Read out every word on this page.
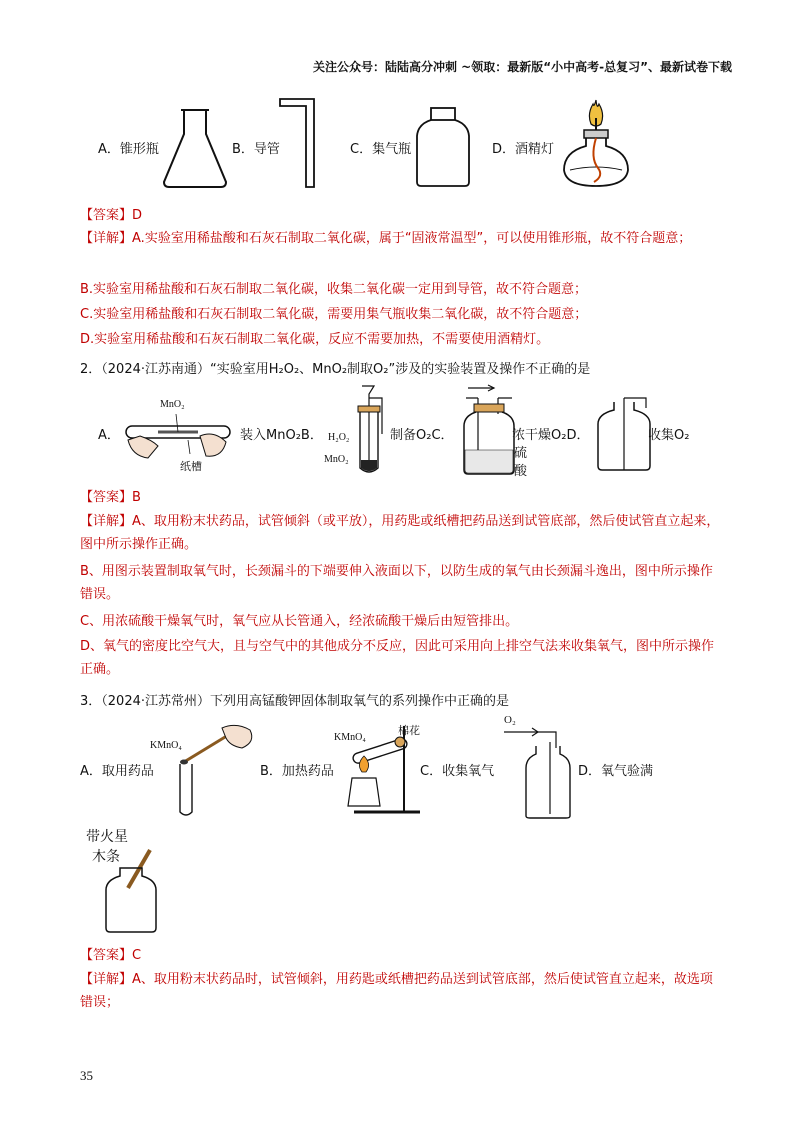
关注公众号：陆陆高分冲刺 ~领取：最新版“小中高考-总复习”、最新试卷下载
A．锥形瓶	B．导管	C．集气瓶	D．酒精灯
【答案】D
【详解】A.实验室用稀盐酸和石灰石制取二氧化碳，属于“固液常温型”，可以使用锥形瓶，故不符合题意；
B.实验室用稀盐酸和石灰石制取二氧化碳，收集二氧化碳一定用到导管，故不符合题意；
C.实验室用稀盐酸和石灰石制取二氧化碳，需要用集气瓶收集二氧化碳，故不符合题意；
D.实验室用稀盐酸和石灰石制取二氧化碳，反应不需要加热，不需要使用酒精灯。
2．（2024·江苏南通）“实验室用H₂O₂、MnO₂制取O₂”涉及的实验装置及操作不正确的是
A．
MnO₂
纸槽
装入MnO₂B． H₂O₂
MnO₂
制备O₂C．	浓干燥O₂D．
硫
酸
收集O₂
【答案】B
【详解】A、取用粉末状药品，试管倾斜（或平放），用药匙或纸槽把药品送到试管底部，然后使试管直立起来，图中所示操作正确。
B、用图示装置制取氧气时，长颈漏斗的下端要伸入液面以下，以防生成的氧气由长颈漏斗逸出，图中所示操作错误。
C、用浓硫酸干燥氧气时，氧气应从长管通入，经浓硫酸干燥后由短管排出。
D、氧气的密度比空气大，且与空气中的其他成分不反应，因此可采用向上排空气法来收集氧气，图中所示操作正确。
3．（2024·江苏常州）下列用高锰酸钾固体制取氧气的系列操作中正确的是
A．取用药品
KMnO₄
B．加热药品
KMnO₄
棉花
C．收集氧气
O₂
D．氧气验满
带火星
木条
【答案】C
【详解】A、取用粉末状药品时，试管倾斜，用药匙或纸槽把药品送到试管底部，然后使试管直立起来，故选项错误；
35
